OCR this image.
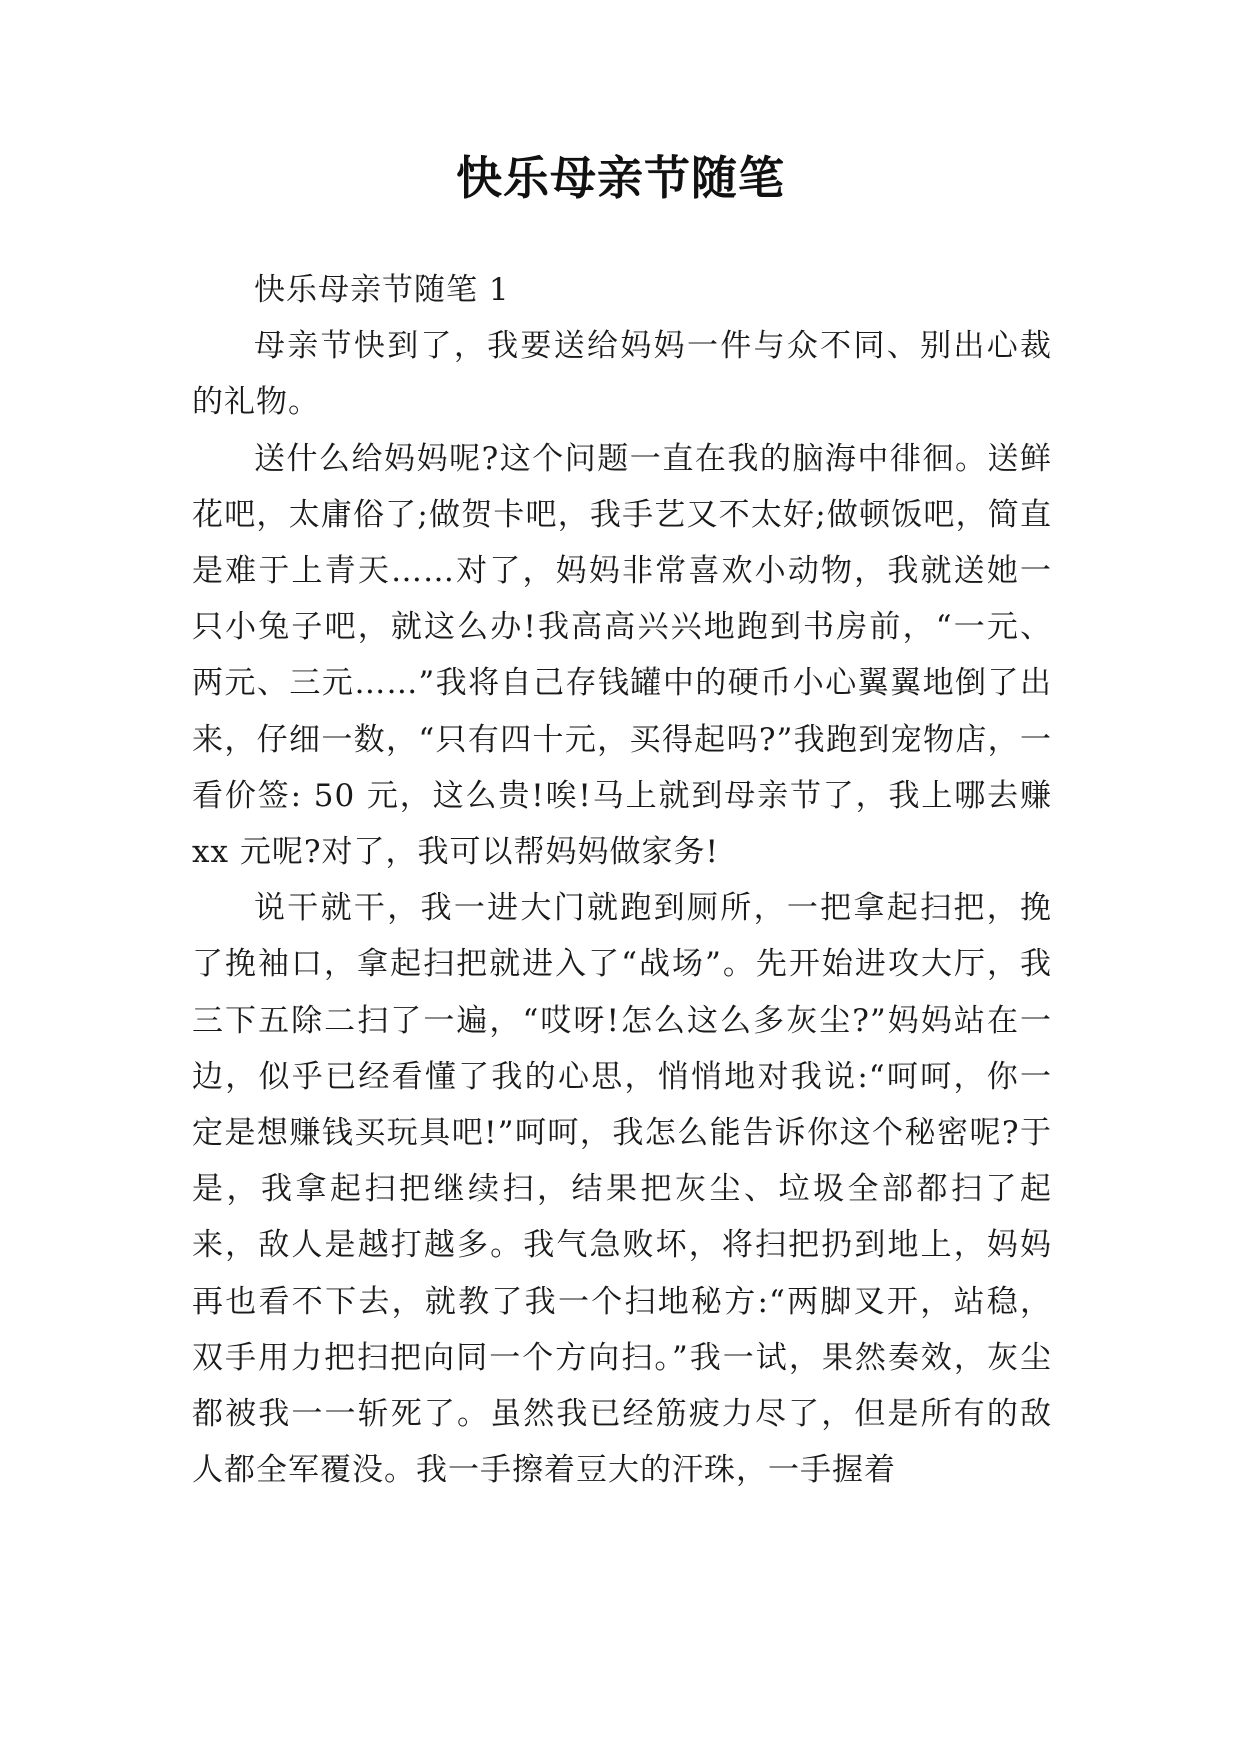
快乐母亲节随笔

快乐母亲节随笔 1

母亲节快到了，我要送给妈妈一件与众不同、别出心裁的礼物。

送什么给妈妈呢?这个问题一直在我的脑海中徘徊。送鲜花吧，太庸俗了;做贺卡吧，我手艺又不太好;做顿饭吧，简直是难于上青天……对了，妈妈非常喜欢小动物，我就送她一只小兔子吧，就这么办!我高高兴兴地跑到书房前，“一元、两元、三元……”我将自己存钱罐中的硬币小心翼翼地倒了出来，仔细一数，“只有四十元，买得起吗?”我跑到宠物店，一看价签: 50 元，这么贵!唉!马上就到母亲节了，我上哪去赚 xx 元呢?对了，我可以帮妈妈做家务!

说干就干，我一进大门就跑到厕所，一把拿起扫把，挽了挽袖口，拿起扫把就进入了“战场”。先开始进攻大厅，我三下五除二扫了一遍，“哎呀!怎么这么多灰尘?”妈妈站在一边，似乎已经看懂了我的心思，悄悄地对我说:“呵呵，你一定是想赚钱买玩具吧!”呵呵，我怎么能告诉你这个秘密呢?于是，我拿起扫把继续扫，结果把灰尘、垃圾全部都扫了起来，敌人是越打越多。我气急败坏，将扫把扔到地上，妈妈再也看不下去，就教了我一个扫地秘方:“两脚叉开，站稳，双手用力把扫把向同一个方向扫。”我一试，果然奏效，灰尘都被我一一斩死了。虽然我已经筋疲力尽了，但是所有的敌人都全军覆没。我一手擦着豆大的汗珠，一手握着
